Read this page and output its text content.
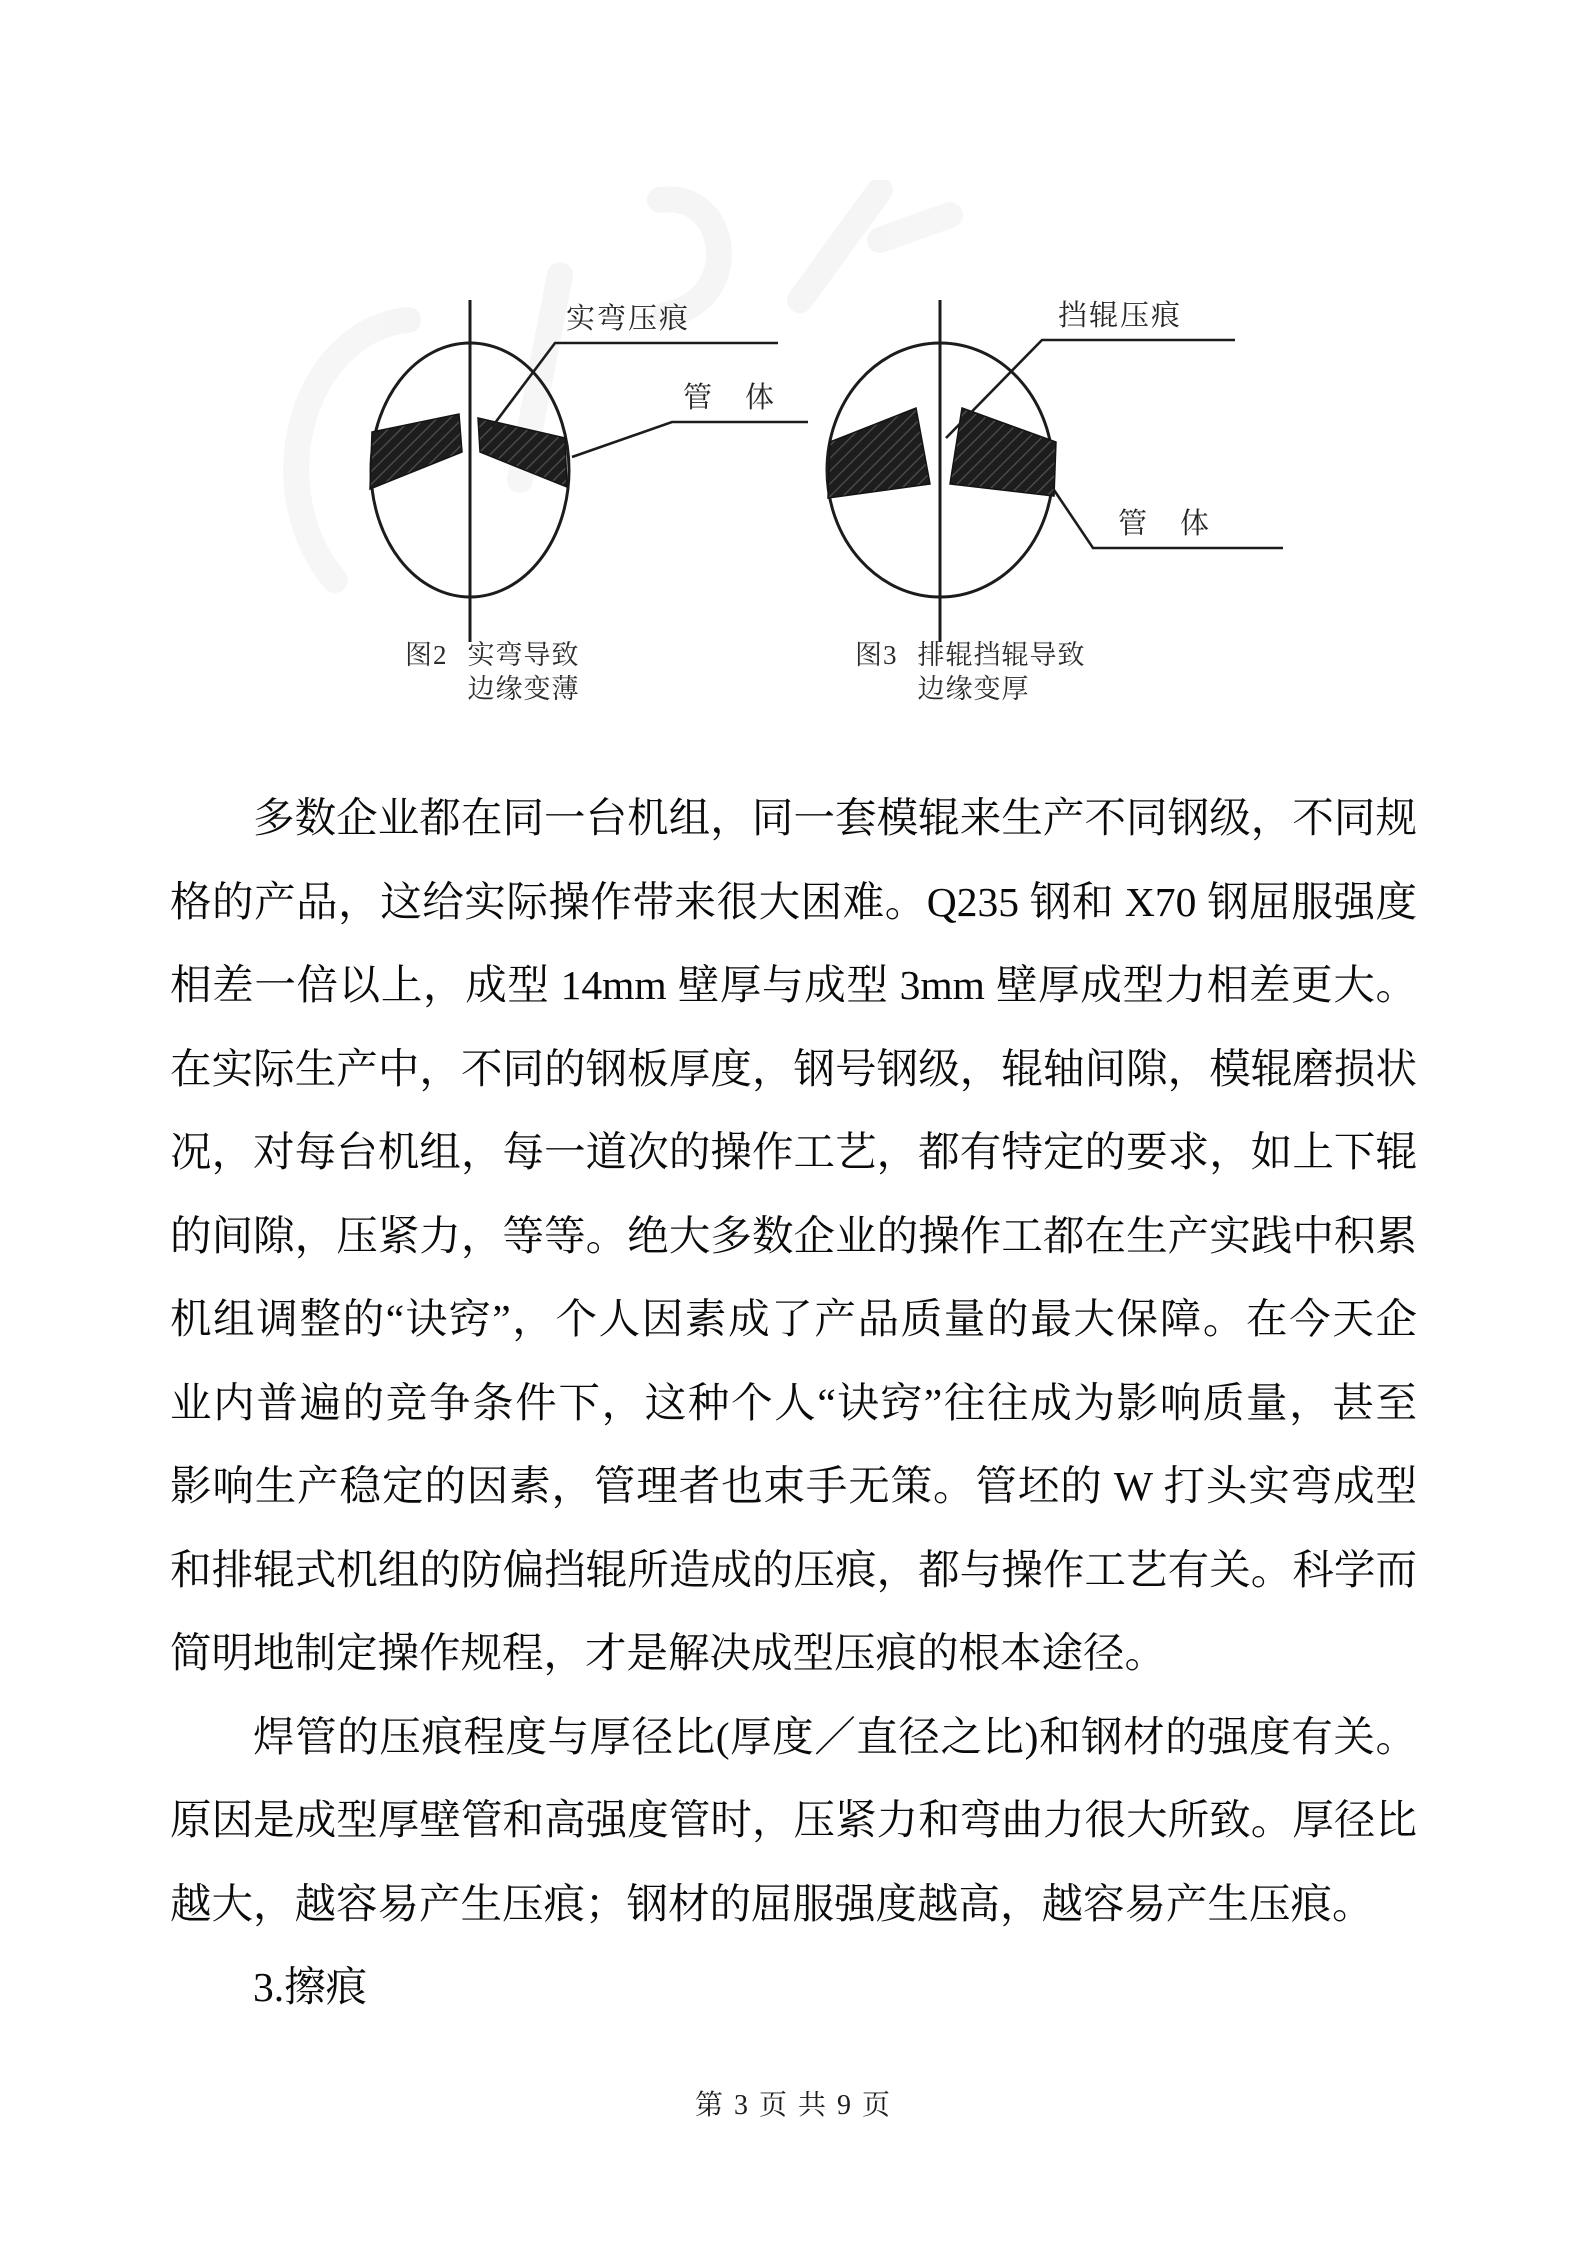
实弯压痕
管　体
挡辊压痕
管　体
图2 实弯导致
边缘变薄
图3 排辊挡辊导致
边缘变厚
多数企业都在同一台机组，同一套模辊来生产不同钢级，不同规
格的产品，这给实际操作带来很大困难。Q235 钢和 X70 钢屈服强度
相差一倍以上，成型 14mm 壁厚与成型 3mm 壁厚成型力相差更大。
在实际生产中，不同的钢板厚度，钢号钢级，辊轴间隙，模辊磨损状
况，对每台机组，每一道次的操作工艺，都有特定的要求，如上下辊
的间隙，压紧力，等等。绝大多数企业的操作工都在生产实践中积累
机组调整的“诀窍”，个人因素成了产品质量的最大保障。在今天企
业内普遍的竞争条件下，这种个人“诀窍”往往成为影响质量，甚至
影响生产稳定的因素，管理者也束手无策。管坯的 W 打头实弯成型
和排辊式机组的防偏挡辊所造成的压痕，都与操作工艺有关。科学而
简明地制定操作规程，才是解决成型压痕的根本途径。
焊管的压痕程度与厚径比(厚度／直径之比)和钢材的强度有关。
原因是成型厚壁管和高强度管时，压紧力和弯曲力很大所致。厚径比
越大，越容易产生压痕；钢材的屈服强度越高，越容易产生压痕。
3.擦痕
第 3 页 共 9 页
